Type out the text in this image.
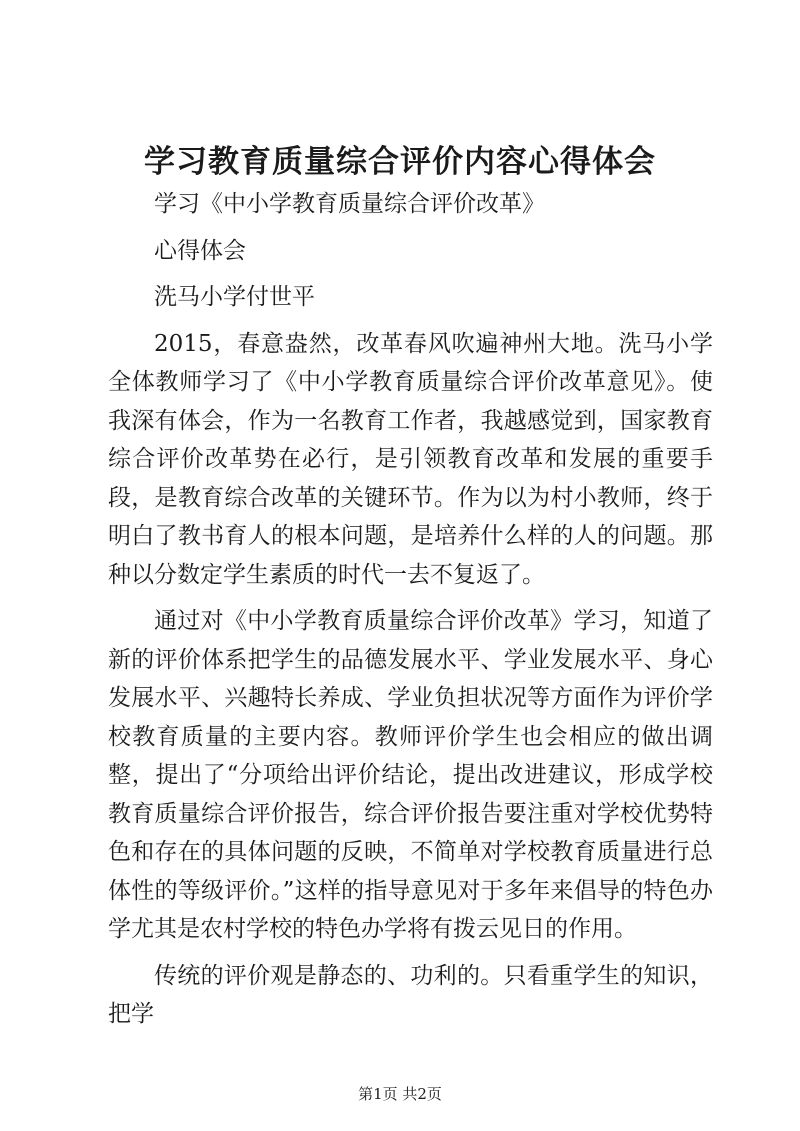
学习教育质量综合评价内容心得体会

学习《中小学教育质量综合评价改革》

心得体会

洗马小学付世平

2015，春意盎然，改革春风吹遍神州大地。洗马小学全体教师学习了《中小学教育质量综合评价改革意见》。使我深有体会，作为一名教育工作者，我越感觉到，国家教育综合评价改革势在必行，是引领教育改革和发展的重要手段，是教育综合改革的关键环节。作为以为村小教师，终于明白了教书育人的根本问题，是培养什么样的人的问题。那种以分数定学生素质的时代一去不复返了。

通过对《中小学教育质量综合评价改革》学习，知道了新的评价体系把学生的品德发展水平、学业发展水平、身心发展水平、兴趣特长养成、学业负担状况等方面作为评价学校教育质量的主要内容。教师评价学生也会相应的做出调整，提出了“分项给出评价结论，提出改进建议，形成学校教育质量综合评价报告，综合评价报告要注重对学校优势特色和存在的具体问题的反映，不简单对学校教育质量进行总体性的等级评价。”这样的指导意见对于多年来倡导的特色办学尤其是农村学校的特色办学将有拨云见日的作用。

传统的评价观是静态的、功利的。只看重学生的知识，把学

第1页 共2页
